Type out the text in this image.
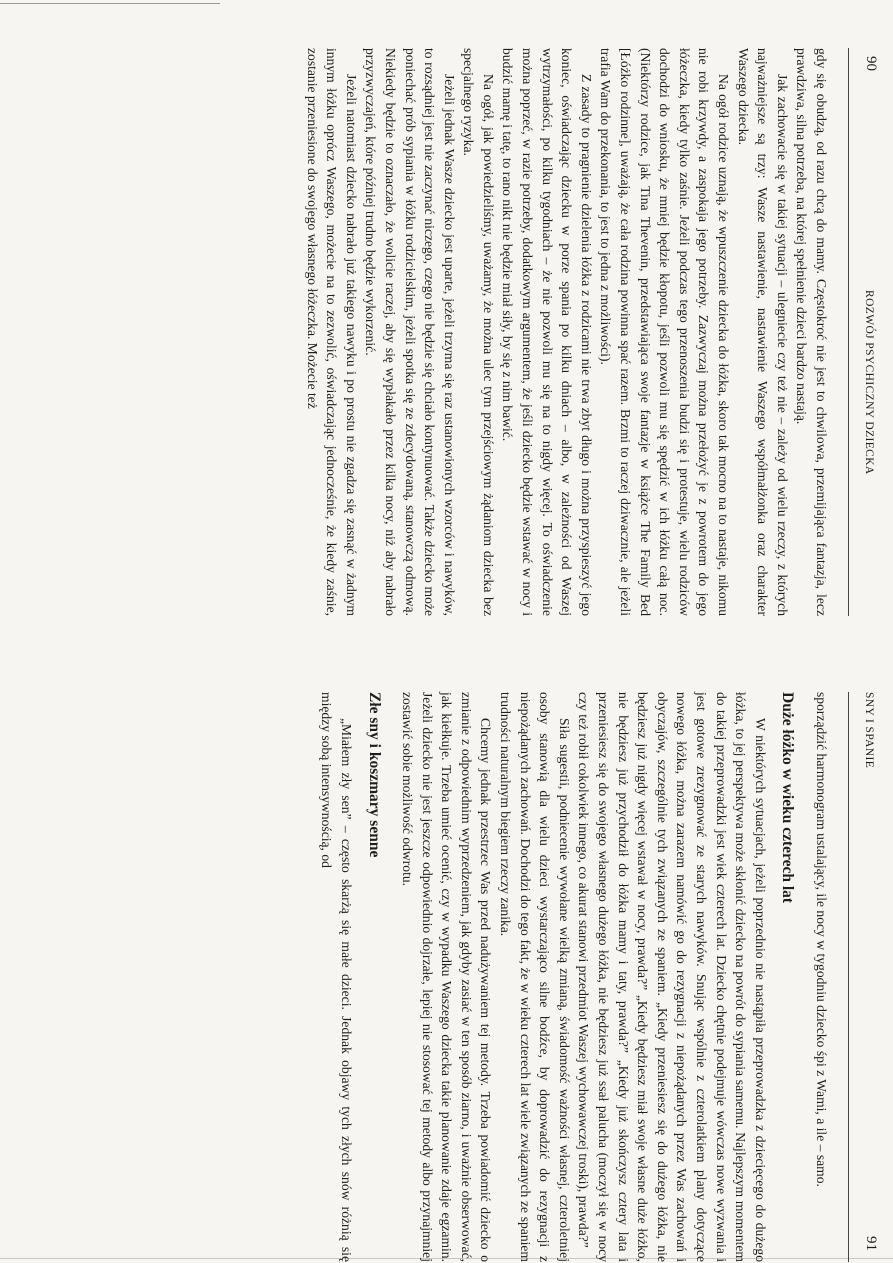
90
ROZWÓJ PSYCHICZNY DZIECKA

gdy się obudzą, od razu chcą do mamy. Częstokroć nie jest to chwilowa, przemijająca fantazja, lecz prawdziwa, silna potrzeba, na której spełnienie dzieci bardzo nastają.

Jak zachowacie się w takiej sytuacji – ulegniecie czy też nie – zależy od wielu rzeczy, z których najważniejsze są trzy: Wasze nastawienie, nastawienie Waszego współmałżonka oraz charakter Waszego dziecka.

Na ogół rodzice uznają, że wpuszczenie dziecka do łóżka, skoro tak mocno na to nastaje, nikomu nie robi krzywdy, a zaspokaja jego potrzeby. Zazwyczaj można przełożyć je z powrotem do jego łóżeczka, kiedy tylko zaśnie. Jeżeli podczas tego przenoszenia budzi się i protestuje, wielu rodziców dochodzi do wniosku, że mniej będzie kłopotu, jeśli pozwoli mu się spędzić w ich łóżku całą noc. (Niektórzy rodzice, jak Tina Thevenin, przedstawiająca swoje fantazje w książce The Family Bed [Łóżko rodzinne], uważają, że cała rodzina powinna spać razem. Brzmi to raczej dziwacznie, ale jeżeli trafia Wam do przekonania, to jest to jedna z możliwości).

Z zasady to pragnienie dzielenia łóżka z rodzicami nie trwa zbyt długo i można przyspieszyć jego koniec, oświadczając dziecku w porze spania po kilku dniach – albo, w zależności od Waszej wytrzymałości, po kilku tygodniach – że nie pozwoli mu się na to nigdy więcej. To oświadczenie można poprzeć, w razie potrzeby, dodatkowym argumentem, że jeśli dziecko będzie wstawać w nocy i budzić mamę i tatę, to rano nikt nie będzie miał siły, by się z nim bawić.

Na ogół, jak powiedzieliśmy, uważamy, że można ulec tym przejściowym żądaniom dziecka bez specjalnego ryzyka.

Jeżeli jednak Wasze dziecko jest uparte, jeżeli trzyma się raz ustanowionych wzorców i nawyków, to rozsądniej jest nie zaczynać niczego, czego nie będzie się chciało kontynuować. Także dziecko może poniechać prób sypiania w łóżku rodzicielskim, jeżeli spotka się ze zdecydowaną, stanowczą odmową. Niekiedy będzie to oznaczało, że wolicie raczej, aby się wypłakało przez kilka nocy, niż aby nabrało przyzwyczajeń, które później trudno będzie wykorzenić.

Jeżeli natomiast dziecko nabrało już takiego nawyku i po prostu nie zgadza się zasnąć w żadnym innym łóżku oprócz Waszego, możecie na to zezwolić, oświadczając jednocześnie, że kiedy zaśnie, zostanie przeniesione do swojego własnego łóżeczka. Możecie też

SNY I SPANIE
91

sporządzić harmonogram ustalający, ile nocy w tygodniu dziecko śpi z Wami, a ile – samo.

Duże łóżko w wieku czterech lat

W niektórych sytuacjach, jeżeli poprzednio nie nastąpiła przeprowadzka z dziecięcego do dużego łóżka, to jej perspektywa może skłonić dziecko na powrót do sypiania samemu. Najlepszym momentem do takiej przeprowadzki jest wiek czterech lat. Dziecko chętnie podejmuje wówczas nowe wyzwania i jest gotowe zrezygnować ze starych nawyków. Snując wspólnie z czterolatkiem plany dotyczące nowego łóżka, można zarazem namówić go do rezygnacji z niepożądanych przez Was zachowań i obyczajów, szczególnie tych związanych ze spaniem. „Kiedy przeniesiesz się do dużego łóżka, nie będziesz już nigdy więcej wstawał w nocy, prawda?” „Kiedy będziesz miał swoje własne duże łóżko, nie będziesz już przychodził do łóżka mamy i taty, prawda?” „Kiedy już skończysz cztery lata i przeniesiesz się do swojego własnego dużego łóżka, nie będziesz już ssał palucha (moczył się w nocy czy też robił cokolwiek innego, co akurat stanowi przedmiot Waszej wychowawczej troski), prawda?”

Siła sugestii, podniecenie wywołane wielką zmianą, świadomość ważności własnej, czteroletniej osoby stanowią dla wielu dzieci wystarczająco silne bodźce, by doprowadzić do rezygnacji z niepożądanych zachowań. Dochodzi do tego fakt, że w wieku czterech lat wiele związanych ze spaniem trudności naturalnym biegiem rzeczy zanika.

Chcemy jednak przestrzec Was przed nadużywaniem tej metody. Trzeba powiadomić dziecko o zmianie z odpowiednim wyprzedzeniem, jak gdyby zasiać w ten sposób ziarno, i uważnie obserwować, jak kiełkuje. Trzeba umieć ocenić, czy w wypadku Waszego dziecka takie planowanie zdaje egzamin. Jeżeli dziecko nie jest jeszcze odpowiednio dojrzałe, lepiej nie stosować tej metody albo przynajmniej zostawić sobie możliwość odwrotu.

Złe sny i koszmary senne

„Miałem zły sen” – często skarżą się małe dzieci. Jednak objawy tych złych snów różnią się między sobą intensywnością, od
